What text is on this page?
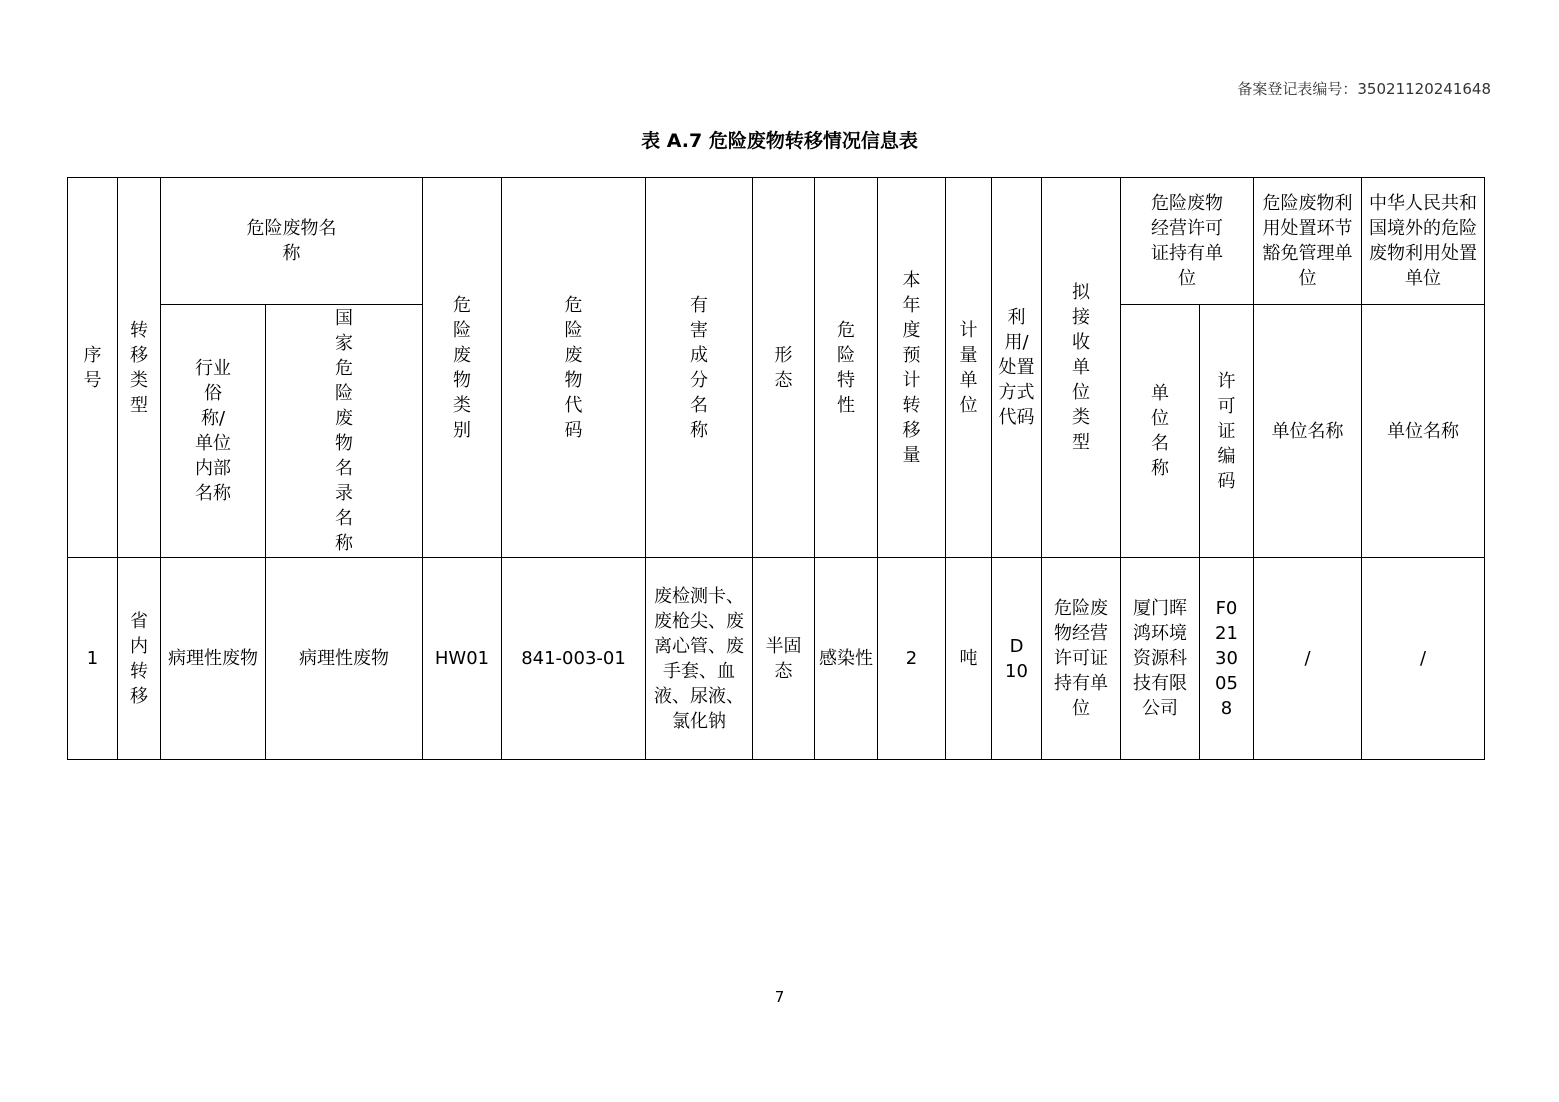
备案登记表编号：35021120241648
表 A.7 危险废物转移情况信息表
序号	转移类型	危险废物名称		危险废物类别	危险废物代码	有害成分名称	形态	危险特性	本年度预计转移量	计量单位	利用/处置方式代码	拟接收单位类型	危险废物经营许可证持有单位		危险废物利用处置环节豁免管理单位	中华人民共和国境外的危险废物利用处置单位
		行业俗称/单位内部名称	国家危险废物名录名称										单位名称	许可证编码	单位名称	单位名称
1	省内转移	病理性废物	病理性废物	HW01	841-003-01	废检测卡、废枪尖、废离心管、废手套、血液、尿液、氯化钠	半固态	感染性	2	吨	D10	危险废物经营许可证持有单位	厦门晖鸿环境资源科技有限公司	F02130058	/	/
7
